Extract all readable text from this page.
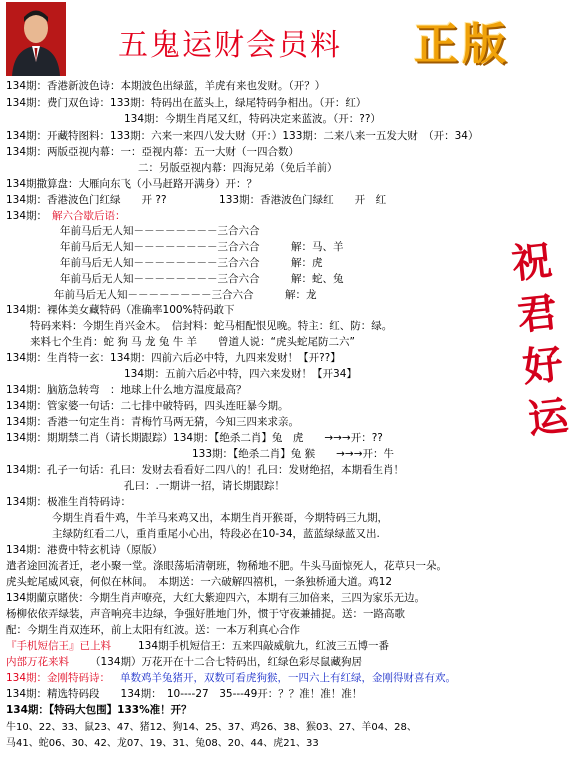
五鬼运财会员料 正版
祝君好运
134期：香港新波色诗：本期波色出绿蓝，羊虎有来也发财。（开？）
134期：费门双色诗：133期：特码出在蓝头上，绿尾特码争相出。（开：红）
134期：今期生肖尾又红，特码决定来蓝波。（开：??）
134期：开藏特图料：133期：六来一来四八发大财（开：）133期：二来八来一五发大财　（开：34）
134期：两版亞视内幕：一：亞视内幕：五一大财（一四合数）
二：另版亞视内幕：四海兄弟（免后羊前）
134期撒算盘：大雁向东飞（小马赶路开满身）开：？
134期：香港波色门红绿　　开 ??　　　　　133期：香港波色门绿红　　开　红
134期： 解六合歇后语：
年前马后无人知－－－－－－－－三合六合
年前马后无人知－－－－－－－－三合六合　　　解：马、羊
年前马后无人知－－－－－－－－三合六合　　　解：虎
年前马后无人知－－－－－－－－三合六合　　　解：蛇、兔
年前马后无人知－－－－－－－－三合六合　　　解：龙
134期：裸体美女藏特码（准确率100%特码敢下
特码来料：今期生肖兴金木。　信封料：蛇马相配恨见晚。特主：红、防：绿。
来料七个生肖：蛇 狗 马 龙 兔 牛 羊　　曾道人说：“虎头蛇尾防二六”
134期：生肖特一玄：134期：四前六后必中特，九四来发财！【开??】
134期：五前六后必中特，四六来发财！【开34】
134期：脑筋急转弯　：地球上什么地方温度最高？
134期：管家婆一句话：二七排中破特码，四头连旺暴今期。
134期：香港一句定生肖：青梅竹马两无猜，今知三四来求亲。
134期：期期禁二肖（请长期跟踪）134期：【绝杀二肖】兔　虎　　→→→开：??
133期：【绝杀二肖】兔 猴　　→→→开：牛
134期：孔子一句话：孔曰：发财去看看好二四八的！孔曰：发财绝招，本期看生肖！
孔曰：.一期讲一招，请长期跟踪！
134期：极准生肖特码诗：
今期生肖看牛鸡，牛羊马来鸡又出，本期生肖开猴哥，今期特码三九期，
主绿防红看二八，重肖重尾小心出，特段必在10-34，蓝蓝绿绿蓝又出.
134期：港费中特玄机诗（原版）
遣者途回流者迁，老小聚一堂。涤眼荡垢清朝班，物稀地不肥。牛头马面惊死人，花草只一朵。
虎头蛇尾威风衰，何似在林间。　本期送：一六破解四禧机，一条独桥通大道。鸡12
134期蘭京賭侠：今期生肖声嘹亮，大红大紫迎四六，本期有三加倍来，三四为家乐无边。
杨柳依依弄绿装，声音响亮丰边绿，争强好胜地门外，惯于守夜兼捕捉。送：一路高歌
配：今期生肖双连环，前上太阳有红波。送：一本万利真心合作
『手机短信王』已上料	134期手机短信王：五来四敲威航九，红波三五博一番
内部万花来料 （134期）万花开在十二合七特码出，红绿色彩尽鼠藏狗居
134期：金刚特码诗： 单数鸡羊兔猪开，双数可看虎狗猴，一四六上有红绿，金刚得财喜有欢。
134期：精选特码段　　134期：　10----27　35---49开：？？准！准！准！
134期：【特码大包围】133%准！开？
牛10、22、33、鼠23、47、猪12、狗14、25、37、鸡26、38、猴03、27、羊04、28、
马41、蛇06、30、42、龙07、19、31、兔08、20、44、虎21、33
